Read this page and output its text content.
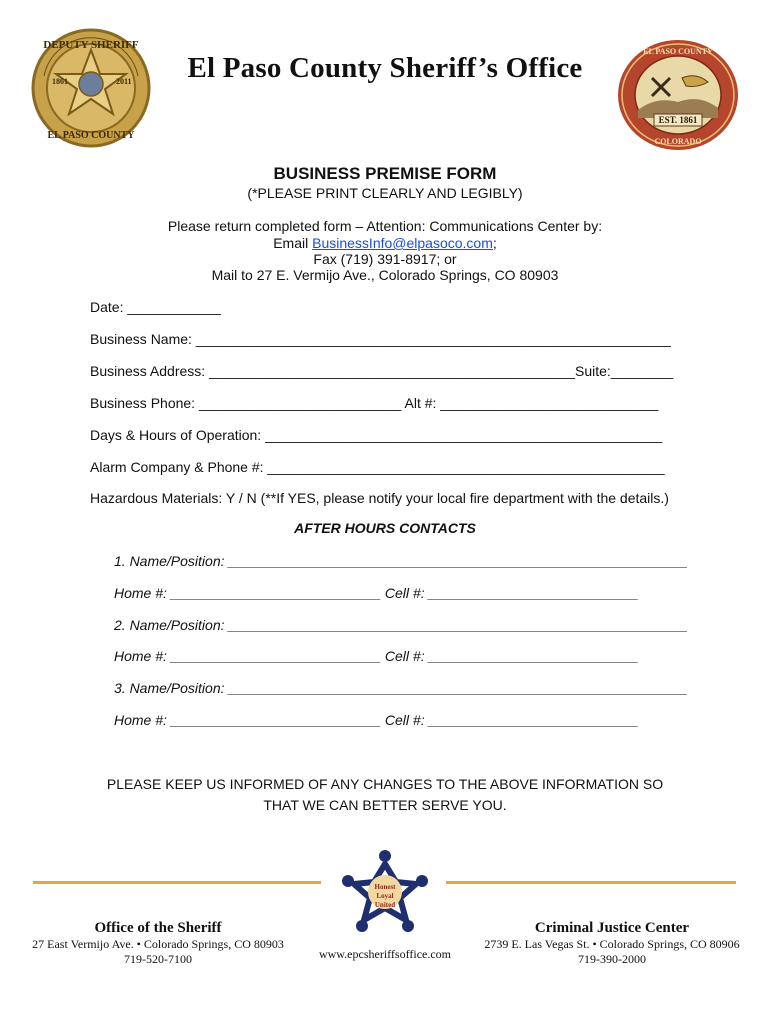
DEPUTY SHERIFF
1861	2011
EL PASO COUNTY
El Paso County Sheriff’s Office
EST. 1861
EL PASO COUNTY
COLORADO
BUSINESS PREMISE FORM
(*PLEASE PRINT CLEARLY AND LEGIBLY)
Please return completed form – Attention: Communications Center by:
Email BusinessInfo@elpasoco.com;
Fax (719) 391-8917; or
Mail to 27 E. Vermijo Ave., Colorado Springs, CO 80903
Date: ____________
Business Name: _____________________________________________________________
Business Address: _______________________________________________Suite:________
Business Phone: __________________________ Alt #: ____________________________
Days & Hours of Operation: ___________________________________________________
Alarm Company & Phone #: ___________________________________________________
Hazardous Materials: Y / N (**If YES, please notify your local fire department with the details.)
AFTER HOURS CONTACTS
1. Name/Position: ___________________________________________________________
Home #: ___________________________ Cell #: ___________________________
2. Name/Position: ___________________________________________________________
Home #: ___________________________ Cell #: ___________________________
3. Name/Position: ___________________________________________________________
Home #: ___________________________ Cell #: ___________________________
PLEASE KEEP US INFORMED OF ANY CHANGES TO THE ABOVE INFORMATION SO
THAT WE CAN BETTER SERVE YOU.
Honest
Loyal
United
Office of the Sheriff
27 East Vermijo Ave. • Colorado Springs, CO 80903
719-520-7100	www.epcsheriffsoffice.com
Criminal Justice Center
2739 E. Las Vegas St. • Colorado Springs, CO 80906
719-390-2000
